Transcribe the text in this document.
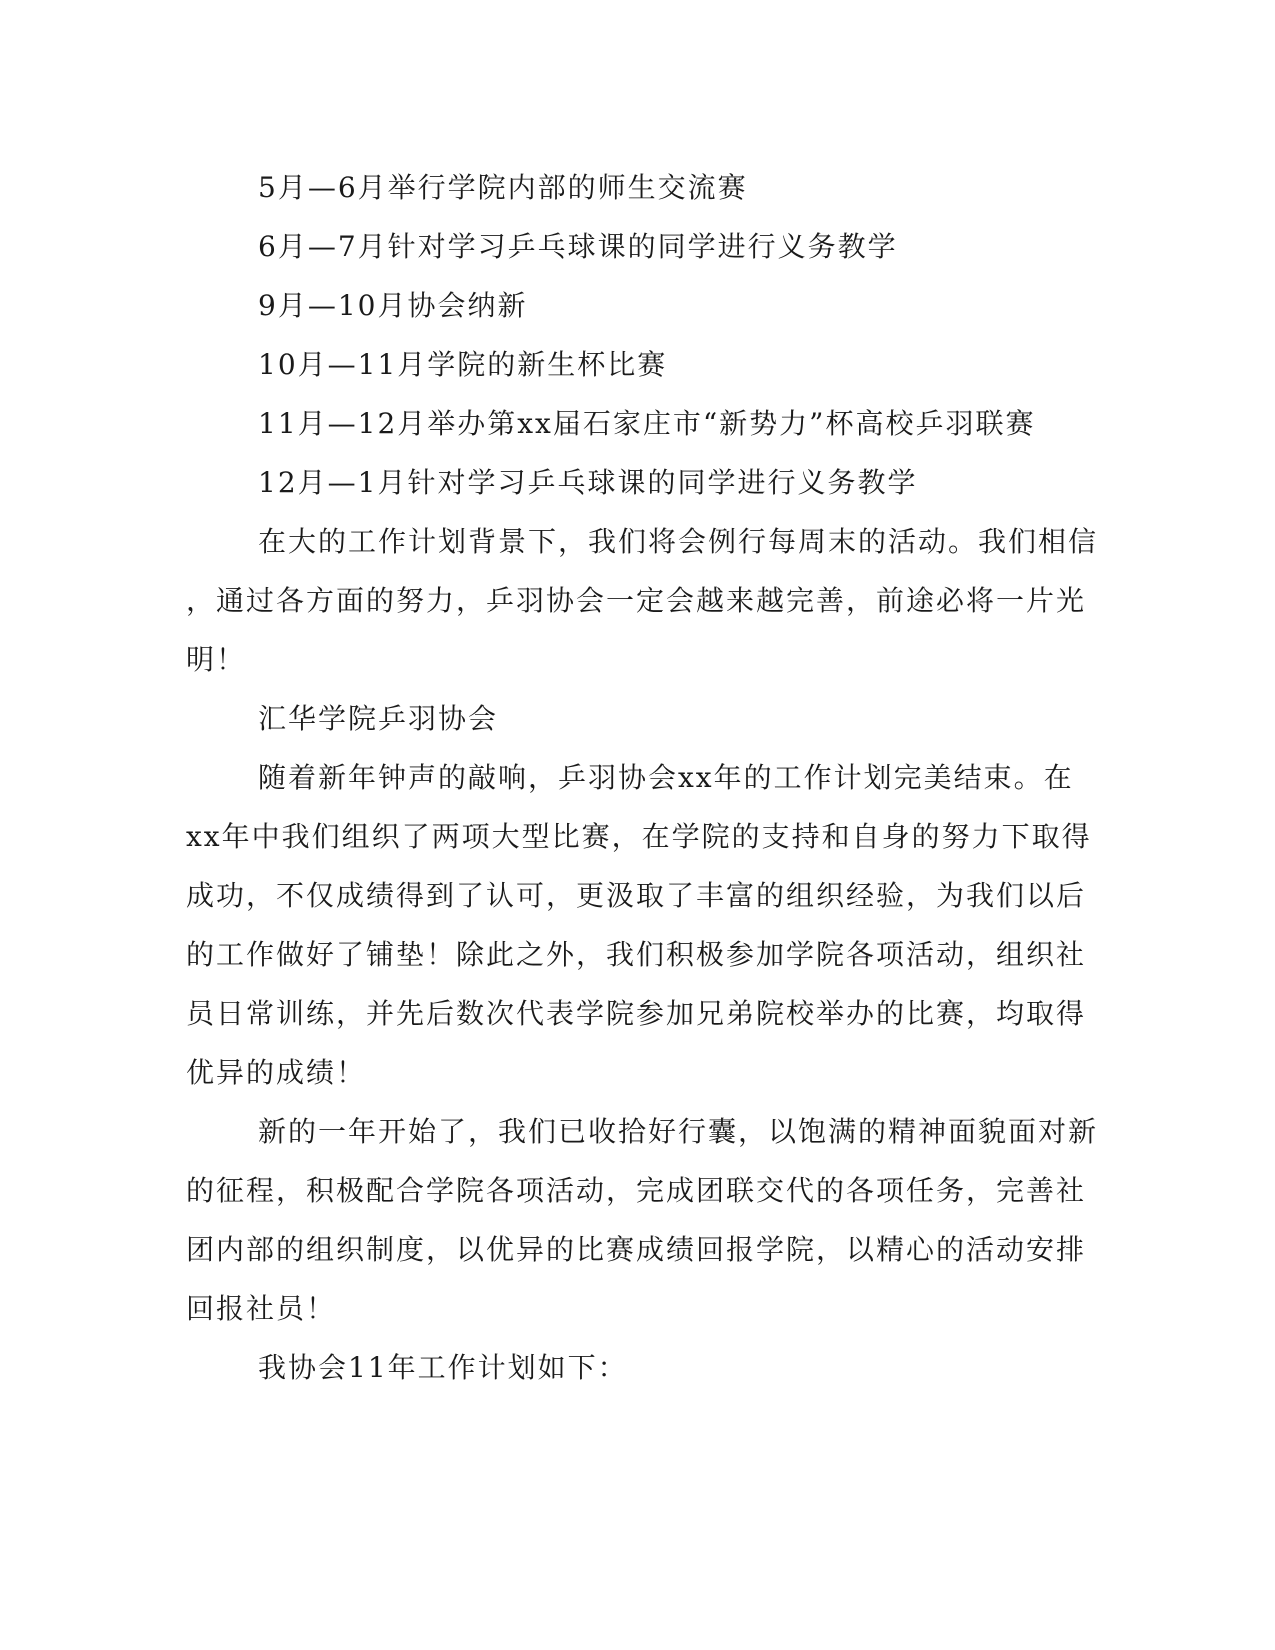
5月—6月举行学院内部的师生交流赛
6月—7月针对学习乒乓球课的同学进行义务教学
9月—10月协会纳新
10月—11月学院的新生杯比赛
11月—12月举办第xx届石家庄市“新势力”杯高校乒羽联赛
12月—1月针对学习乒乓球课的同学进行义务教学
在大的工作计划背景下，我们将会例行每周末的活动。我们相信
，通过各方面的努力，乒羽协会一定会越来越完善，前途必将一片光
明！
汇华学院乒羽协会
随着新年钟声的敲响，乒羽协会xx年的工作计划完美结束。在
xx年中我们组织了两项大型比赛，在学院的支持和自身的努力下取得
成功，不仅成绩得到了认可，更汲取了丰富的组织经验，为我们以后
的工作做好了铺垫！除此之外，我们积极参加学院各项活动，组织社
员日常训练，并先后数次代表学院参加兄弟院校举办的比赛，均取得
优异的成绩！
新的一年开始了，我们已收拾好行囊，以饱满的精神面貌面对新
的征程，积极配合学院各项活动，完成团联交代的各项任务，完善社
团内部的组织制度，以优异的比赛成绩回报学院，以精心的活动安排
回报社员！
我协会11年工作计划如下：
